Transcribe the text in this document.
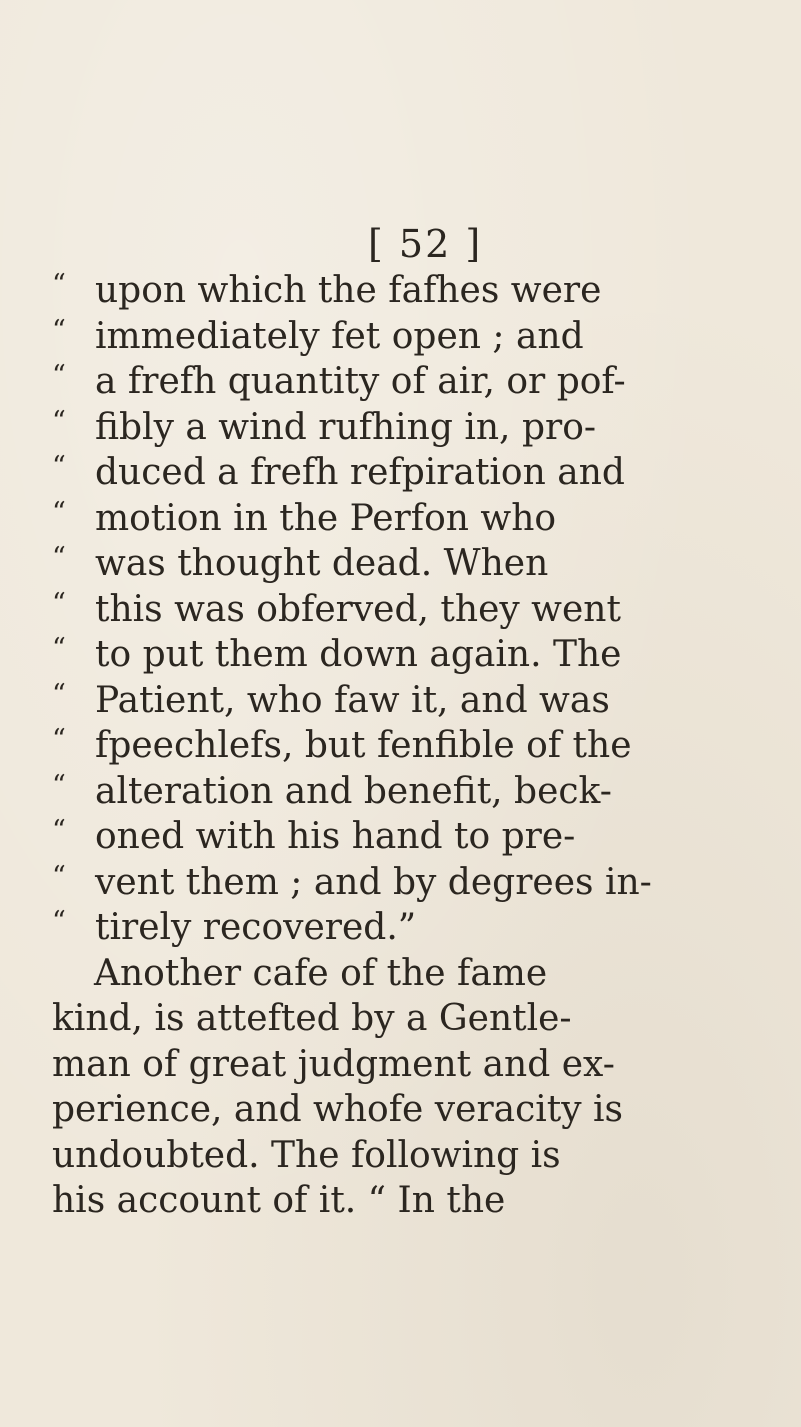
[ 52 ]
“ upon which the fafhes were
“ immediately fet open ; and
“ a frefh quantity of air, or pof-
“ fibly a wind rufhing in, pro-
“ duced a frefh refpiration and
“ motion in the Perfon who
“ was thought dead. When
“ this was obferved, they went
“ to put them down again. The
“ Patient, who faw it, and was
“ fpeechlefs, but fenfible of the
“ alteration and benefit, beck-
“ oned with his hand to pre-
“ vent them ; and by degrees in-
“ tirely recovered.”
Another cafe of the fame
kind, is attefted by a Gentle-
man of great judgment and ex-
perience, and whofe veracity is
undoubted. The following is
his account of it. “ In the
